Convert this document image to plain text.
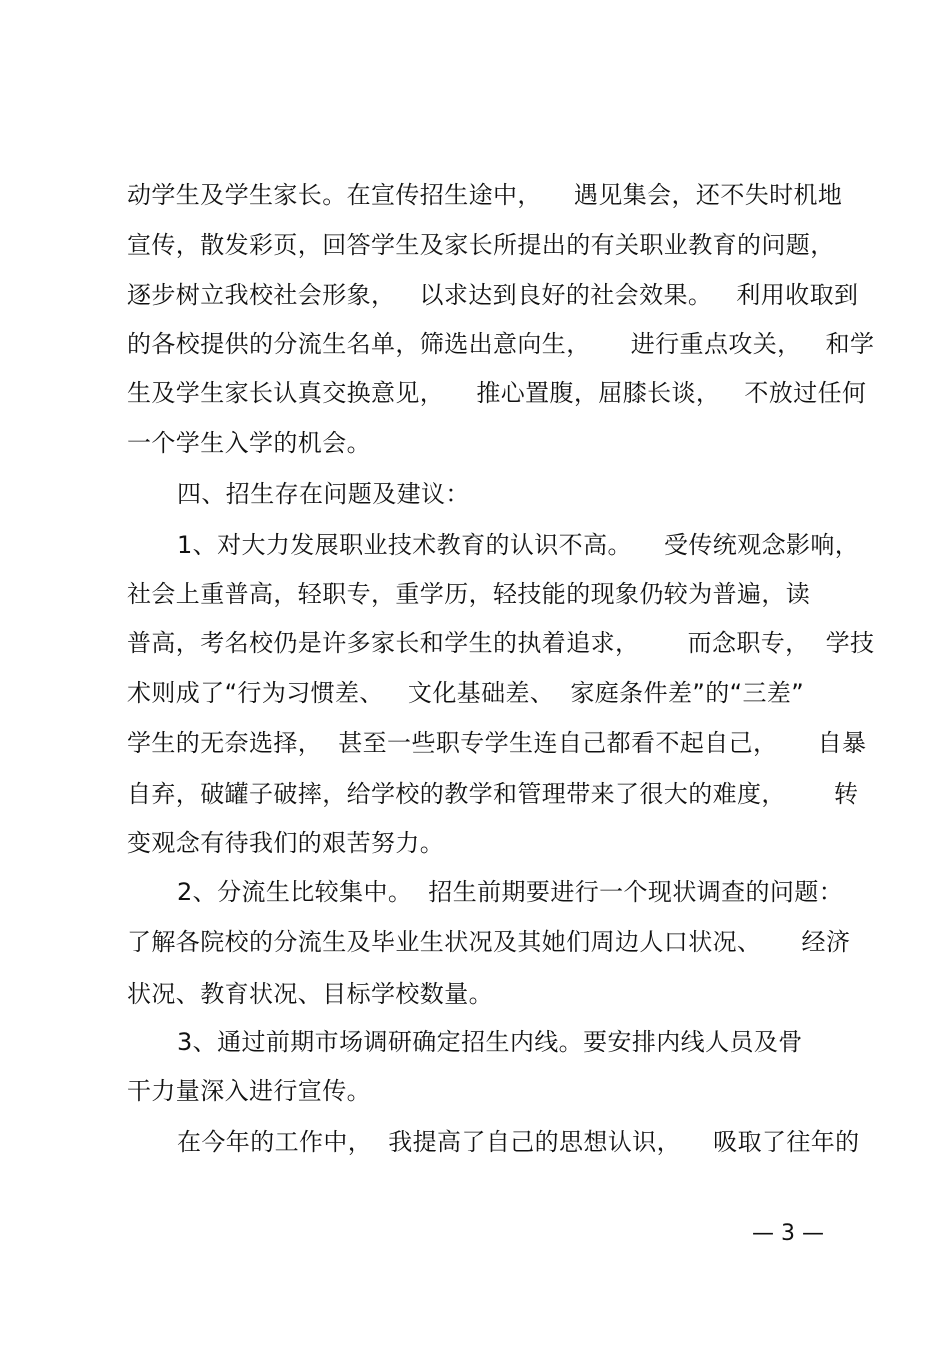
动学生及学生家长。在宣传招生途中，    遇见集会，还不失时机地
宣传，散发彩页，回答学生及家长所提出的有关职业教育的问题，
逐步树立我校社会形象，   以求达到良好的社会效果。   利用收取到
的各校提供的分流生名单，筛选出意向生，     进行重点攻关，   和学
生及学生家长认真交换意见，    推心置腹，屈膝长谈，   不放过任何
一个学生入学的机会。
四、招生存在问题及建议：
1、对大力发展职业技术教育的认识不高。    受传统观念影响，
社会上重普高，轻职专，重学历，轻技能的现象仍较为普遍，读
普高，考名校仍是许多家长和学生的执着追求，      而念职专，  学技
术则成了“行为习惯差、   文化基础差、  家庭条件差”的“三差”
学生的无奈选择，  甚至一些职专学生连自己都看不起自己，     自暴
自弃，破罐子破摔，给学校的教学和管理带来了很大的难度，      转
变观念有待我们的艰苦努力。
2、分流生比较集中。  招生前期要进行一个现状调查的问题：
了解各院校的分流生及毕业生状况及其她们周边人口状况、     经济
状况、教育状况、目标学校数量。
3、通过前期市场调研确定招生内线。要安排内线人员及骨
干力量深入进行宣传。
在今年的工作中，  我提高了自己的思想认识，    吸取了往年的
— 3 —
